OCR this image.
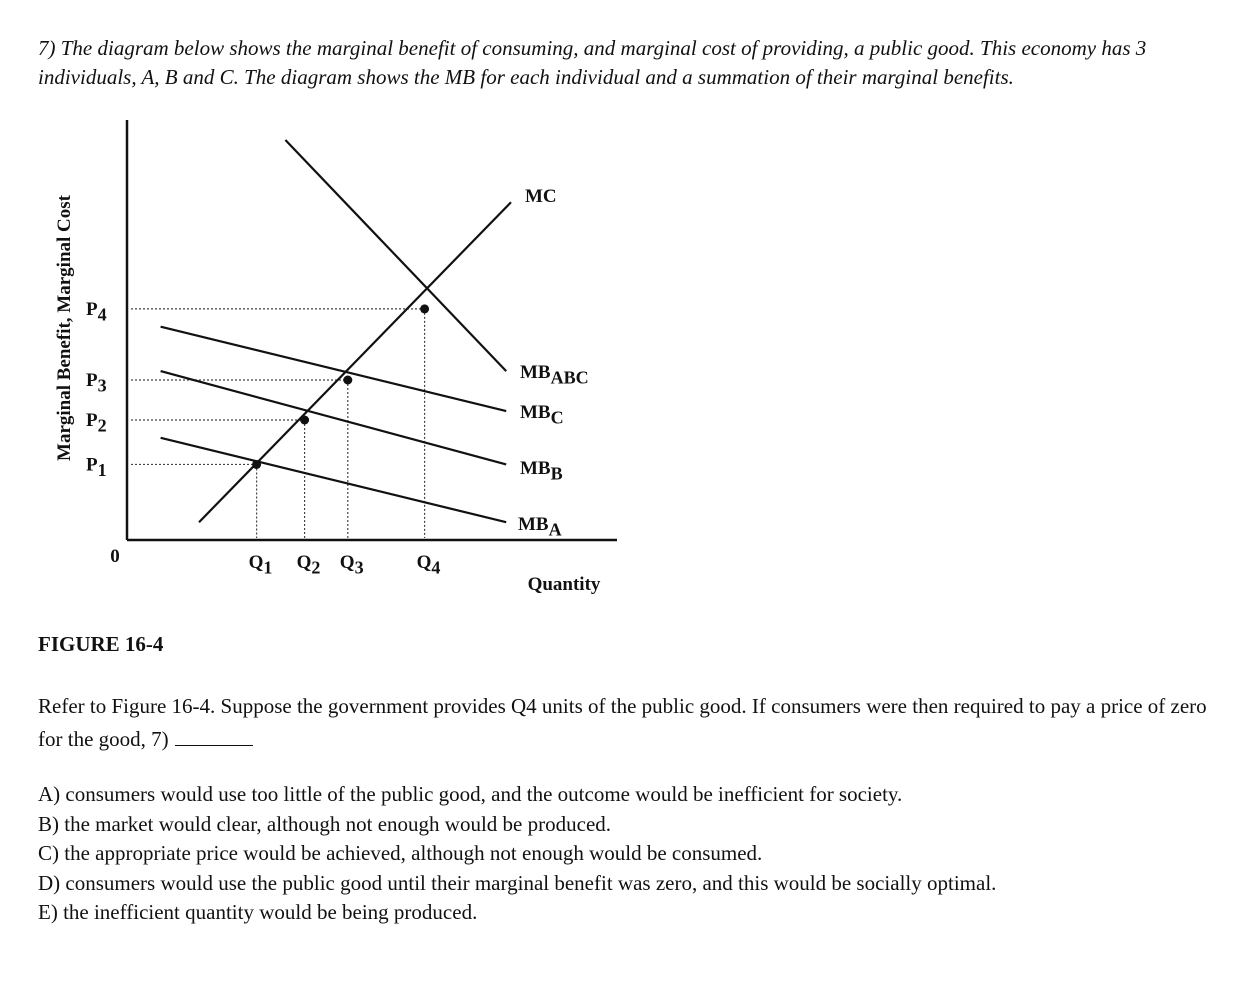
7) The diagram below shows the marginal benefit of consuming, and marginal cost of providing, a public good. This economy has 3 individuals, A, B and C. The diagram shows the MB for each individual and a summation of their marginal benefits.

Marginal Benefit, Marginal Cost
Quantity
0
MC
MBABC
MBC
MBB
MBA
P1
P2
P3
P4
Q1 Q2 Q3	Q4
FIGURE 16-4

Refer to Figure 16-4. Suppose the government provides Q4 units of the public good. If consumers were then required to pay a price of zero for the good, 7)

A) consumers would use too little of the public good, and the outcome would be inefficient for society.
B) the market would clear, although not enough would be produced.
C) the appropriate price would be achieved, although not enough would be consumed.
D) consumers would use the public good until their marginal benefit was zero, and this would be socially optimal.
E) the inefficient quantity would be being produced.
